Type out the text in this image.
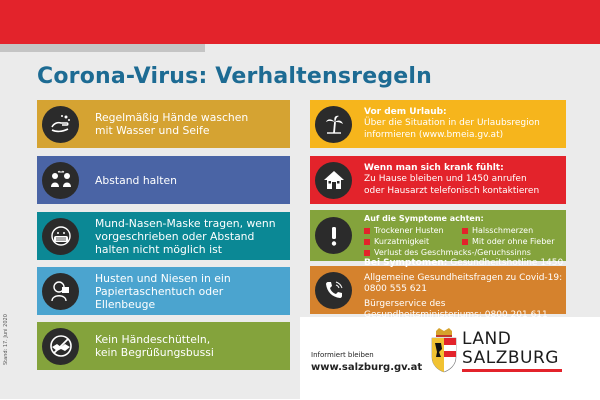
Corona-Virus: Verhaltensregeln
Stand: 17. Juni 2020
Regelmäßig Hände waschen
mit Wasser und Seife
Abstand halten
Mund-Nasen-Maske tragen, wenn
vorgeschrieben oder Abstand
halten nicht möglich ist
Husten und Niesen in ein
Papiertaschentuch oder
Ellenbeuge
Kein Händeschütteln,
kein Begrüßungsbussi
Vor dem Urlaub:
Über die Situation in der Urlaubsregion
informieren (www.bmeia.gv.at)
Wenn man sich krank fühlt:
Zu Hause bleiben und 1450 anrufen
oder Hausarzt telefonisch kontaktieren
Auf die Symptome achten:
Trockener Husten	Halsschmerzen
Kurzatmigkeit	Mit oder ohne Fieber
Verlust des Geschmacks-/Geruchssinns
Bei Symptomen: Gesundheitshotline 1450
Allgemeine Gesundheitsfragen zu Covid-19: 0800 555 621
Bürgerservice des Gesundheitsministeriums: 0800 201 611
Informiert bleiben
www.salzburg.gv.at
LAND
SALZBURG
